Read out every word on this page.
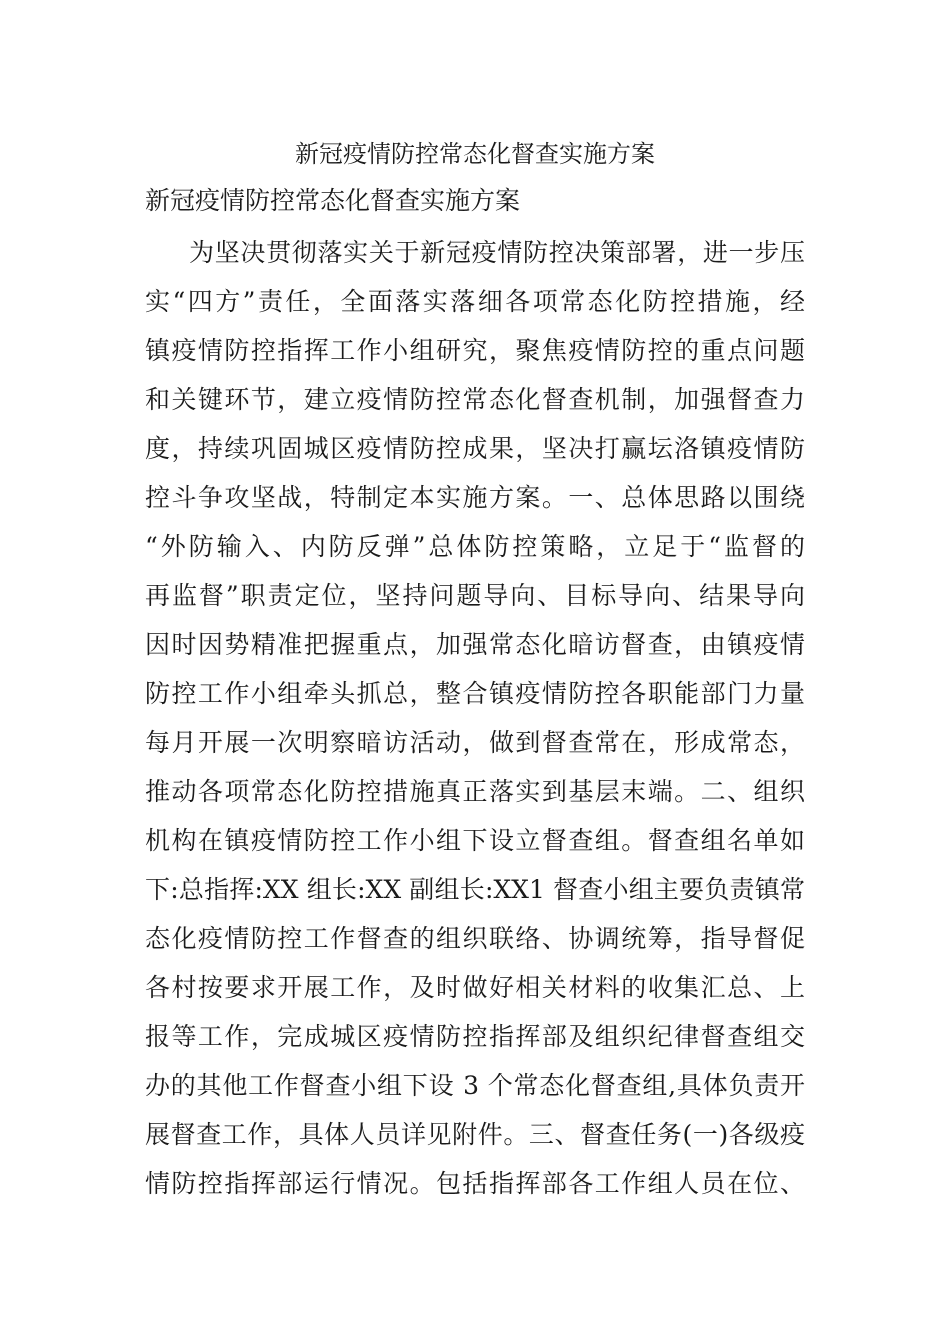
新冠疫情防控常态化督查实施方案
新冠疫情防控常态化督查实施方案
为坚决贯彻落实关于新冠疫情防控决策部署，进一步压
实“四方”责任，全面落实落细各项常态化防控措施，经
镇疫情防控指挥工作小组研究，聚焦疫情防控的重点问题
和关键环节，建立疫情防控常态化督查机制，加强督查力
度，持续巩固城区疫情防控成果，坚决打赢坛洛镇疫情防
控斗争攻坚战，特制定本实施方案。一、总体思路以围绕
“外防输入、内防反弹”总体防控策略，立足于“监督的
再监督”职责定位，坚持问题导向、目标导向、结果导向
因时因势精准把握重点，加强常态化暗访督查，由镇疫情
防控工作小组牵头抓总，整合镇疫情防控各职能部门力量
每月开展一次明察暗访活动，做到督查常在，形成常态，
推动各项常态化防控措施真正落实到基层末端。二、组织
机构在镇疫情防控工作小组下设立督查组。督查组名单如
下:总指挥:XX 组长:XX 副组长:XX1 督查小组主要负责镇常
态化疫情防控工作督查的组织联络、协调统筹，指导督促
各村按要求开展工作，及时做好相关材料的收集汇总、上
报等工作，完成城区疫情防控指挥部及组织纪律督查组交
办的其他工作督查小组下设 3 个常态化督查组,具体负责开
展督查工作，具体人员详见附件。三、督查任务(一)各级疫
情防控指挥部运行情况。包括指挥部各工作组人员在位、
